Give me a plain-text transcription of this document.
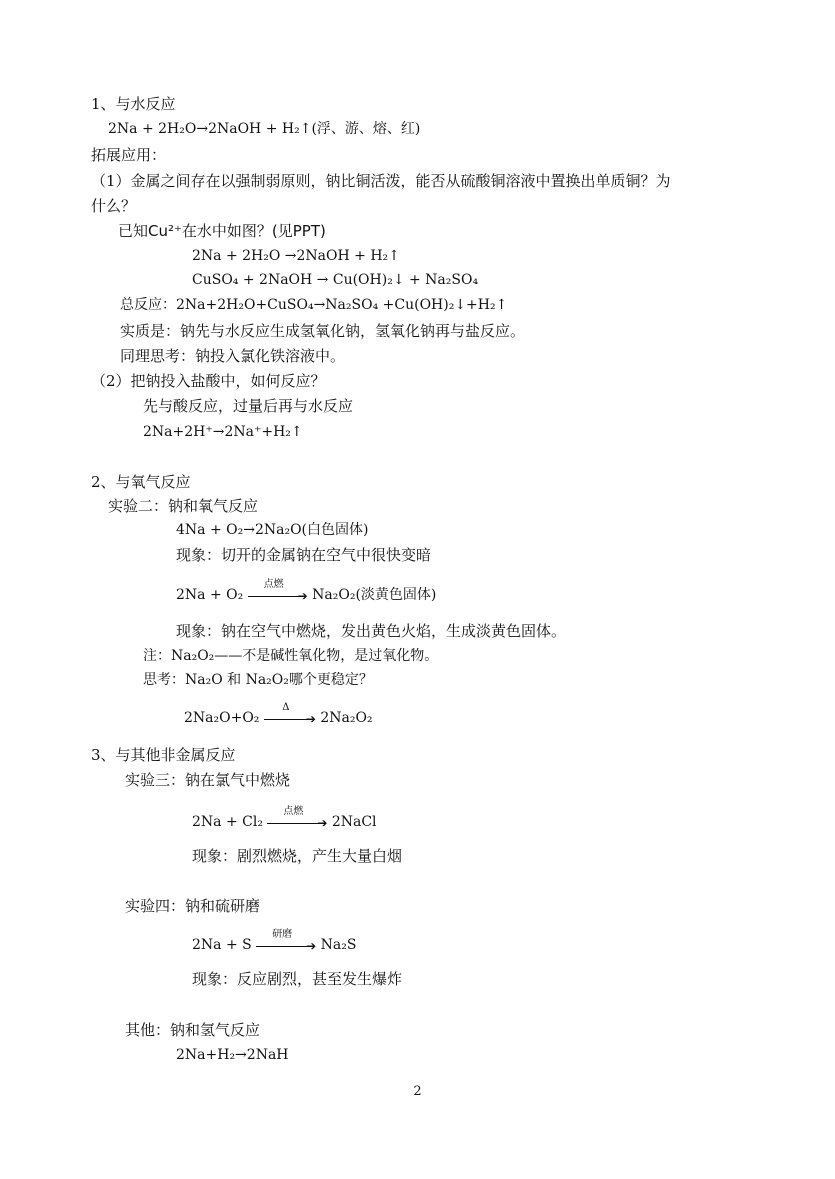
1、与水反应
2Na + 2H₂O→2NaOH + H₂↑(浮、游、熔、红)
拓展应用：
（1）金属之间存在以强制弱原则，钠比铜活泼，能否从硫酸铜溶液中置换出单质铜？为
什么？
已知Cu²⁺在水中如图？(见PPT)
2Na + 2H₂O →2NaOH + H₂↑
CuSO₄ + 2NaOH → Cu(OH)₂↓ + Na₂SO₄
总反应：2Na+2H₂O+CuSO₄→Na₂SO₄ +Cu(OH)₂↓+H₂↑
实质是：钠先与水反应生成氢氧化钠，氢氧化钠再与盐反应。
同理思考：钠投入氯化铁溶液中。
（2）把钠投入盐酸中，如何反应？
先与酸反应，过量后再与水反应
2Na+2H⁺→2Na⁺+H₂↑
2、与氧气反应
实验二：钠和氧气反应
4Na + O₂→2Na₂O(白色固体)
现象：切开的金属钠在空气中很快变暗
2Na + O₂
点燃
➔ Na₂O₂(淡黄色固体)
现象：钠在空气中燃烧，发出黄色火焰，生成淡黄色固体。
注：Na₂O₂——不是碱性氧化物，是过氧化物。
思考：Na₂O 和 Na₂O₂哪个更稳定？
2Na₂O+O₂
Δ
➔ 2Na₂O₂
3、与其他非金属反应
实验三：钠在氯气中燃烧
2Na + Cl₂
点燃
➔ 2NaCl
现象：剧烈燃烧，产生大量白烟
实验四：钠和硫研磨
2Na + S
研磨
➔ Na₂S
现象：反应剧烈，甚至发生爆炸
其他：钠和氢气反应
2Na+H₂→2NaH
2
